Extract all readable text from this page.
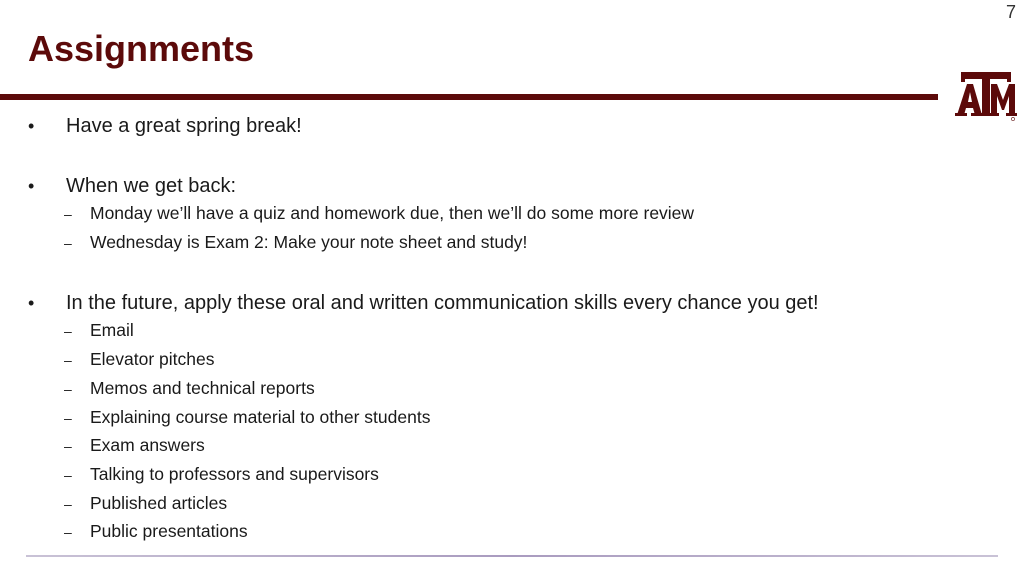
7
Assignments
•	Have a great spring break!
•	When we get back:
–	Monday we’ll have a quiz and homework due, then we’ll do some more review
–	Wednesday is Exam 2: Make your note sheet and study!
•	In the future, apply these oral and written communication skills every chance you get!
–	Email
–	Elevator pitches
–	Memos and technical reports
–	Explaining course material to other students
–	Exam answers
–	Talking to professors and supervisors
–	Published articles
–	Public presentations
